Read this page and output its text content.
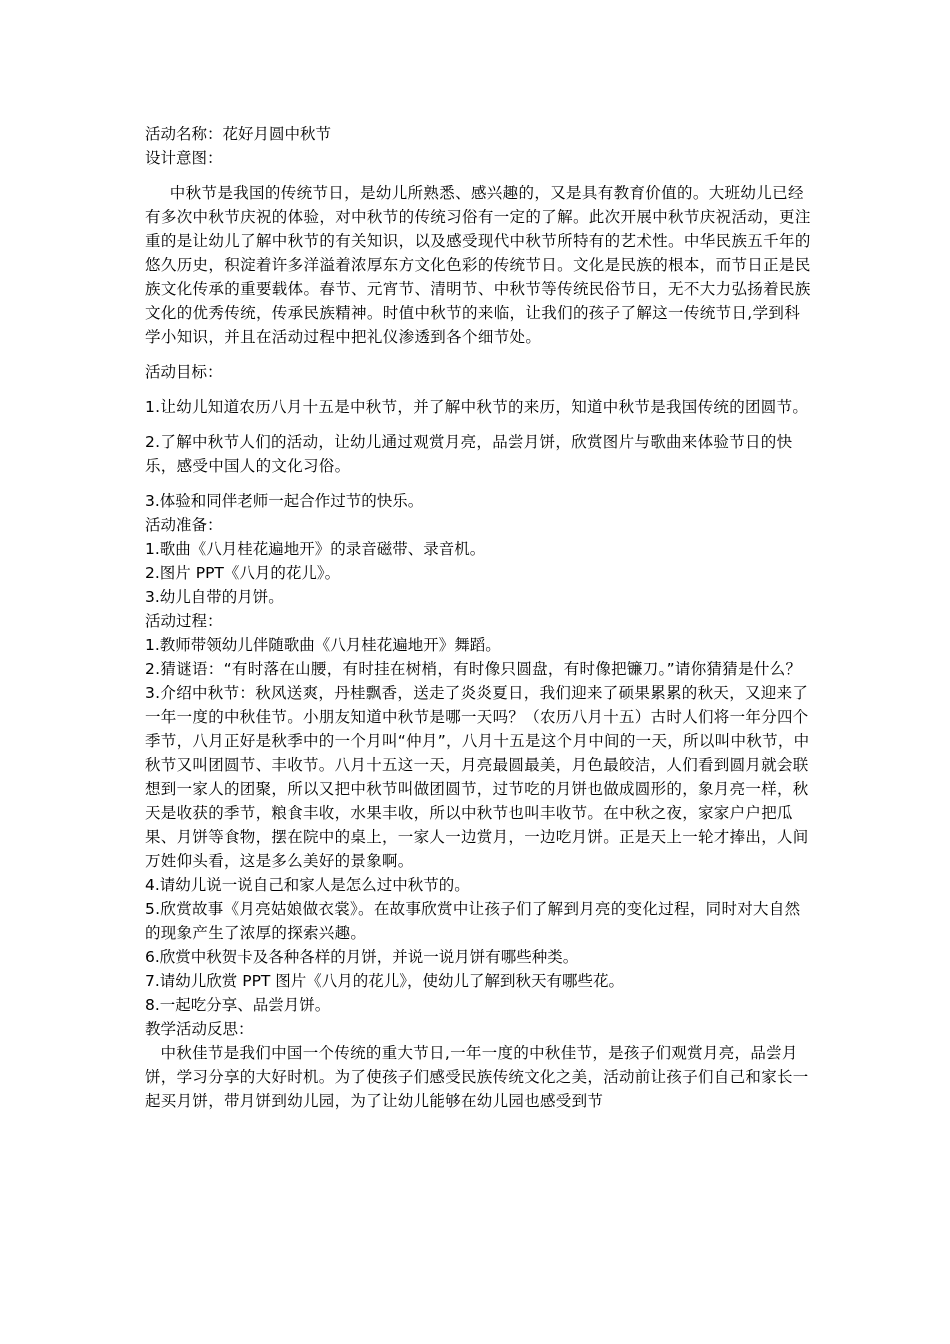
活动名称：花好月圆中秋节

设计意图：

中秋节是我国的传统节日，是幼儿所熟悉、感兴趣的，又是具有教育价值的。大班幼儿已经有多次中秋节庆祝的体验，对中秋节的传统习俗有一定的了解。此次开展中秋节庆祝活动，更注重的是让幼儿了解中秋节的有关知识，以及感受现代中秋节所特有的艺术性。中华民族五千年的悠久历史，积淀着许多洋溢着浓厚东方文化色彩的传统节日。文化是民族的根本，而节日正是民族文化传承的重要载体。春节、元宵节、清明节、中秋节等传统民俗节日，无不大力弘扬着民族文化的优秀传统，传承民族精神。时值中秋节的来临，让我们的孩子了解这一传统节日,学到科学小知识，并且在活动过程中把礼仪渗透到各个细节处。

活动目标：

1.让幼儿知道农历八月十五是中秋节，并了解中秋节的来历，知道中秋节是我国传统的团圆节。

2.了解中秋节人们的活动，让幼儿通过观赏月亮，品尝月饼，欣赏图片与歌曲来体验节日的快乐，感受中国人的文化习俗。

3.体验和同伴老师一起合作过节的快乐。

活动准备：

1.歌曲《八月桂花遍地开》的录音磁带、录音机。

2.图片 PPT《八月的花儿》。

3.幼儿自带的月饼。

活动过程：

1.教师带领幼儿伴随歌曲《八月桂花遍地开》舞蹈。

2.猜谜语：“有时落在山腰，有时挂在树梢，有时像只圆盘，有时像把镰刀。”请你猜猜是什么？

3.介绍中秋节：秋风送爽，丹桂飘香，送走了炎炎夏日，我们迎来了硕果累累的秋天，又迎来了一年一度的中秋佳节。小朋友知道中秋节是哪一天吗？（农历八月十五）古时人们将一年分四个季节，八月正好是秋季中的一个月叫“仲月”，八月十五是这个月中间的一天，所以叫中秋节，中秋节又叫团圆节、丰收节。八月十五这一天，月亮最圆最美，月色最皎洁，人们看到圆月就会联想到一家人的团聚，所以又把中秋节叫做团圆节，过节吃的月饼也做成圆形的，象月亮一样，秋天是收获的季节，粮食丰收，水果丰收，所以中秋节也叫丰收节。在中秋之夜，家家户户把瓜果、月饼等食物，摆在院中的桌上，一家人一边赏月，一边吃月饼。正是天上一轮才捧出，人间万姓仰头看，这是多么美好的景象啊。

4.请幼儿说一说自己和家人是怎么过中秋节的。

5.欣赏故事《月亮姑娘做衣裳》。在故事欣赏中让孩子们了解到月亮的变化过程，同时对大自然的现象产生了浓厚的探索兴趣。

6.欣赏中秋贺卡及各种各样的月饼，并说一说月饼有哪些种类。

7.请幼儿欣赏 PPT 图片《八月的花儿》，使幼儿了解到秋天有哪些花。

8.一起吃分享、品尝月饼。

教学活动反思：

中秋佳节是我们中国一个传统的重大节日,一年一度的中秋佳节，是孩子们观赏月亮，品尝月饼，学习分享的大好时机。为了使孩子们感受民族传统文化之美，活动前让孩子们自己和家长一起买月饼，带月饼到幼儿园，为了让幼儿能够在幼儿园也感受到节
